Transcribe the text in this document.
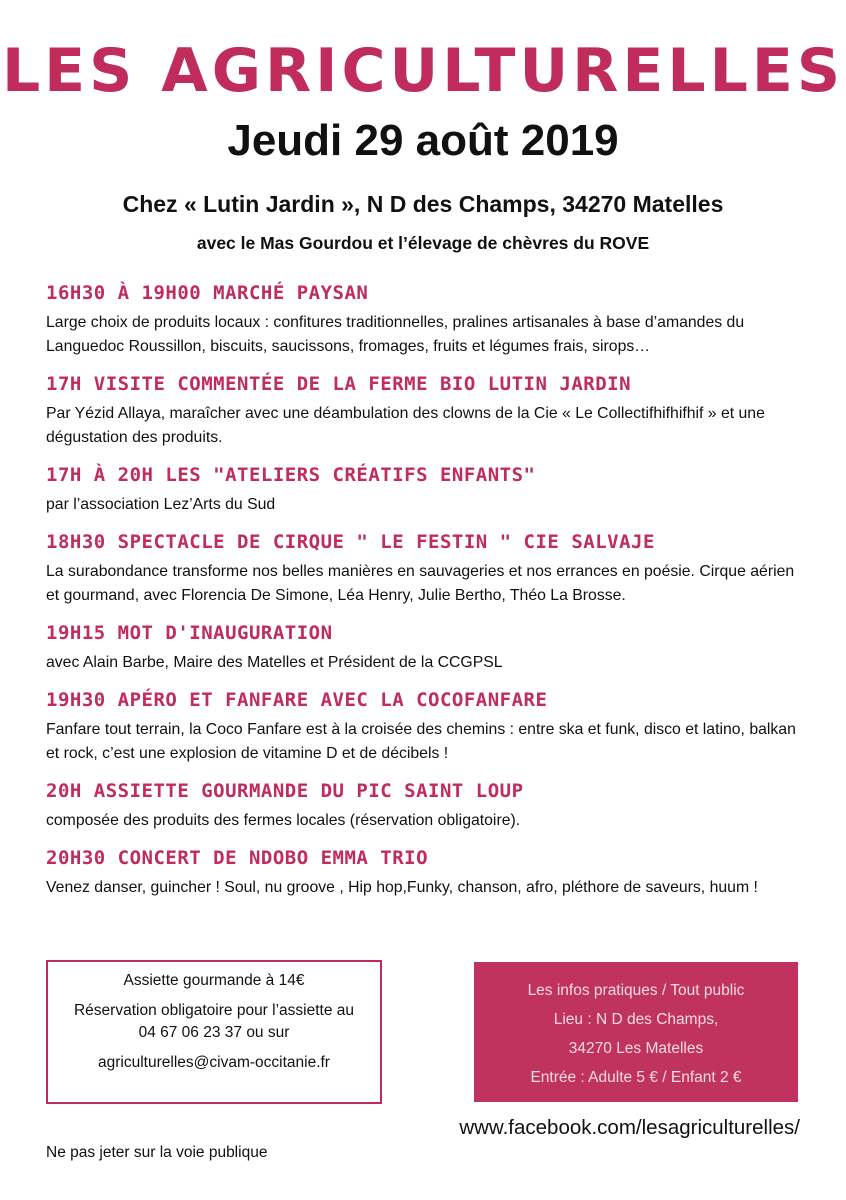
LES AGRICULTURELLES
Jeudi 29 août 2019
Chez « Lutin Jardin », N D des Champs, 34270 Matelles
avec le Mas Gourdou et l’élevage de chèvres du ROVE
16H30 À 19H00 MARCHÉ PAYSAN

Large choix de produits locaux : confitures traditionnelles, pralines artisanales à base d’amandes du Languedoc Roussillon, biscuits, saucissons, fromages, fruits et légumes frais, sirops…

17H VISITE COMMENTÉE DE LA FERME BIO LUTIN JARDIN

Par Yézid Allaya, maraîcher avec une déambulation des clowns de la Cie « Le Collectifhifhifhif » et une dégustation des produits.

17H À 20H LES "ATELIERS CRÉATIFS ENFANTS"

par l’association Lez’Arts du Sud

18H30 SPECTACLE DE CIRQUE " LE FESTIN " CIE SALVAJE

La surabondance transforme nos belles manières en sauvageries et nos errances en poésie. Cirque aérien et gourmand, avec Florencia De Simone, Léa Henry, Julie Bertho, Théo La Brosse.

19H15 MOT D'INAUGURATION

avec Alain Barbe, Maire des Matelles et Président de la CCGPSL

19H30 APÉRO ET FANFARE AVEC LA COCOFANFARE

Fanfare tout terrain, la Coco Fanfare est à la croisée des chemins : entre ska et funk, disco et latino, balkan et rock, c’est une explosion de vitamine D et de décibels !

20H ASSIETTE GOURMANDE DU PIC SAINT LOUP

composée des produits des fermes locales (réservation obligatoire).

20H30 CONCERT DE NDOBO EMMA TRIO

Venez danser, guincher ! Soul, nu groove , Hip hop,Funky, chanson, afro, pléthore de saveurs, huum !

Assiette gourmande à 14€
Réservation obligatoire pour l’assiette au
04 67 06 23 37 ou sur
agriculturelles@civam-occitanie.fr
Les infos pratiques / Tout public
Lieu : N D des Champs,
34270 Les Matelles
Entrée : Adulte 5 € / Enfant 2 €
www.facebook.com/lesagriculturelles/
Ne pas jeter sur la voie publique
